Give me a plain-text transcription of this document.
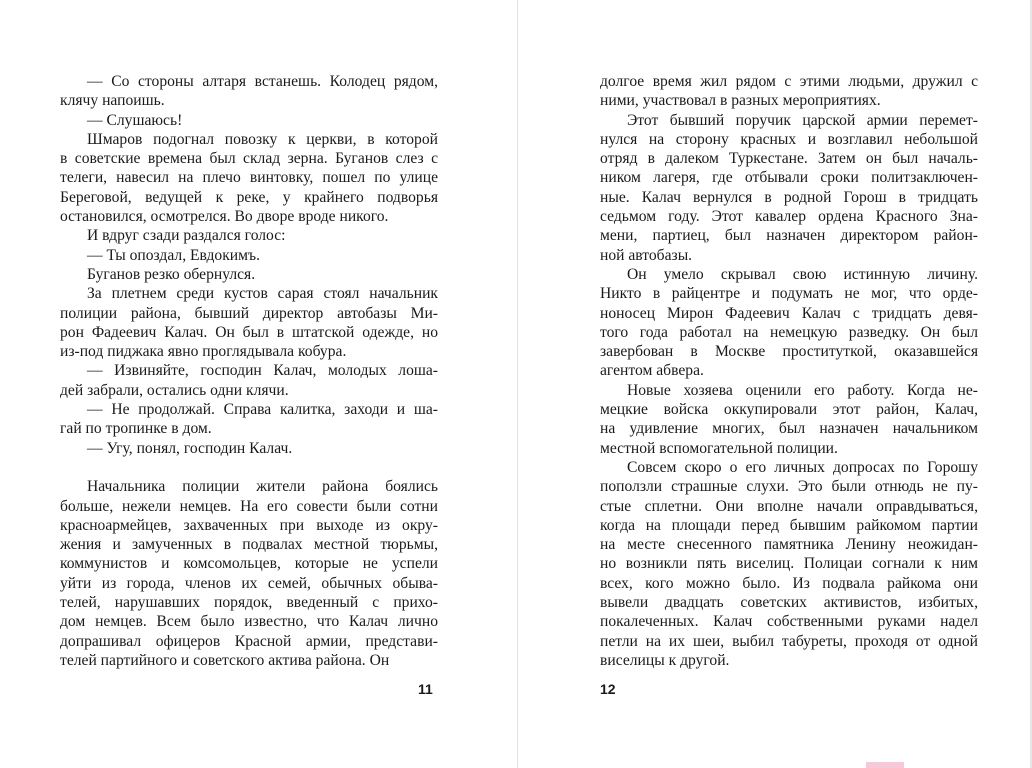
— Со стороны алтаря встанешь. Колодец рядом,
клячу напоишь.
— Слушаюсь!
Шмаров подогнал повозку к церкви, в которой
в советские времена был склад зерна. Буганов слез с
телеги, навесил на плечо винтовку, пошел по улице
Береговой, ведущей к реке, у крайнего подворья
остановился, осмотрелся. Во дворе вроде никого.
И вдруг сзади раздался голос:
— Ты опоздал, Евдокимъ.
Буганов резко обернулся.
За плетнем среди кустов сарая стоял начальник
полиции района, бывший директор автобазы Ми-
рон Фадеевич Калач. Он был в штатской одежде, но
из-под пиджака явно проглядывала кобура.
— Извиняйте, господин Калач, молодых лоша-
дей забрали, остались одни клячи.
— Не продолжай. Справа калитка, заходи и ша-
гай по тропинке в дом.
— Угу, понял, господин Калач.
Начальника полиции жители района боялись
больше, нежели немцев. На его совести были сотни
красноармейцев, захваченных при выходе из окру-
жения и замученных в подвалах местной тюрьмы,
коммунистов и комсомольцев, которые не успели
уйти из города, членов их семей, обычных обыва-
телей, нарушавших порядок, введенный с прихо-
дом немцев. Всем было известно, что Калач лично
допрашивал офицеров Красной армии, представи-
телей партийного и советского актива района. Он
11
долгое время жил рядом с этими людьми, дружил с
ними, участвовал в разных мероприятиях.
Этот бывший поручик царской армии перемет-
нулся на сторону красных и возглавил небольшой
отряд в далеком Туркестане. Затем он был началь-
ником лагеря, где отбывали сроки политзаключен-
ные. Калач вернулся в родной Горош в тридцать
седьмом году. Этот кавалер ордена Красного Зна-
мени, партиец, был назначен директором район-
ной автобазы.
Он умело скрывал свою истинную личину.
Никто в райцентре и подумать не мог, что орде-
ноносец Мирон Фадеевич Калач с тридцать девя-
того года работал на немецкую разведку. Он был
завербован в Москве проституткой, оказавшейся
агентом абвера.
Новые хозяева оценили его работу. Когда не-
мецкие войска оккупировали этот район, Калач,
на удивление многих, был назначен начальником
местной вспомогательной полиции.
Совсем скоро о его личных допросах по Горошу
поползли страшные слухи. Это были отнюдь не пу-
стые сплетни. Они вполне начали оправдываться,
когда на площади перед бывшим райкомом партии
на месте снесенного памятника Ленину неожидан-
но возникли пять виселиц. Полицаи согнали к ним
всех, кого можно было. Из подвала райкома они
вывели двадцать советских активистов, избитых,
покалеченных. Калач собственными руками надел
петли на их шеи, выбил табуреты, проходя от одной
виселицы к другой.
12
